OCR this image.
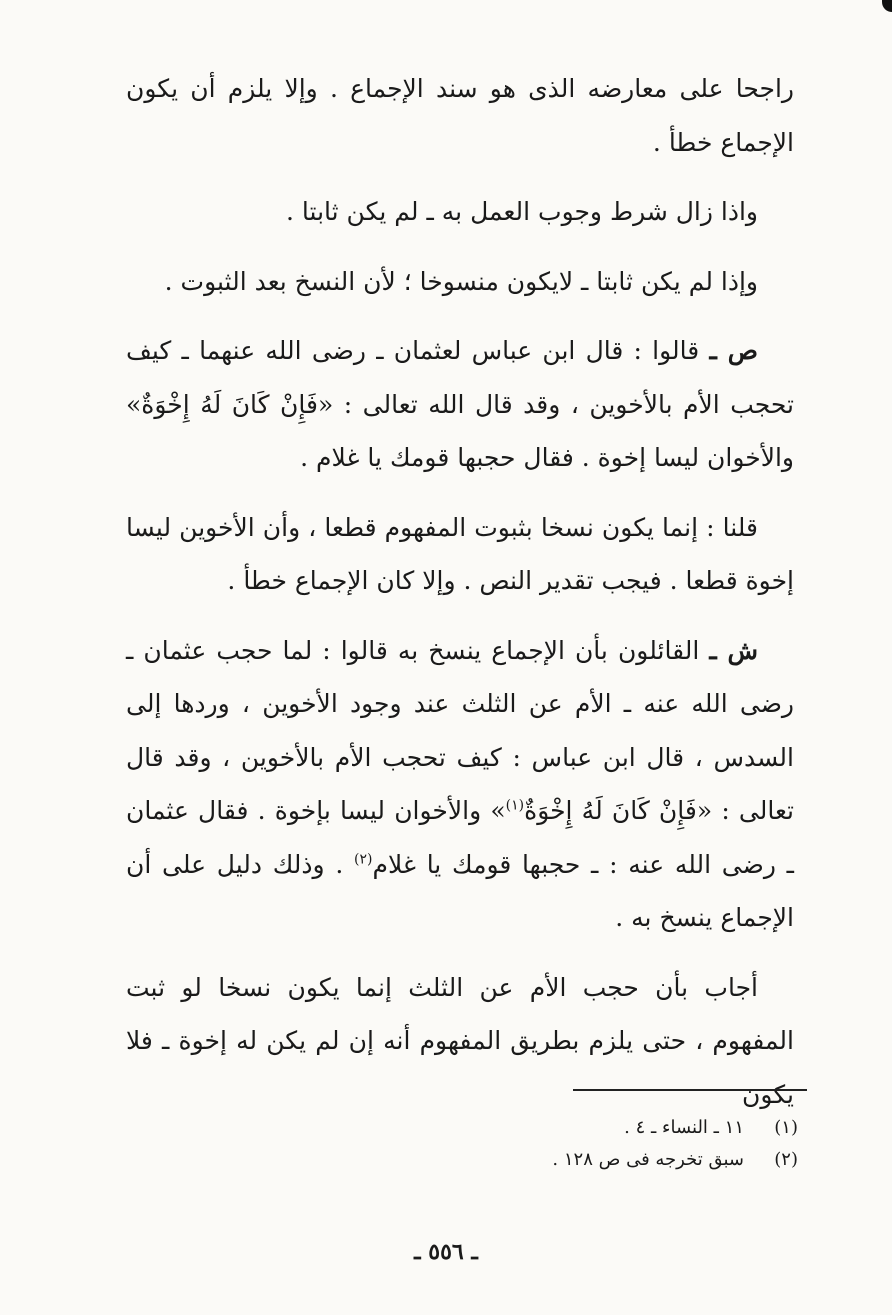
راجحا على معارضه الذى هو سند الإجماع . وإلا يلزم أن يكون الإجماع خطأ .

واذا زال شرط وجوب العمل به ـ لم يكن ثابتا .

وإذا لم يكن ثابتا ـ لايكون منسوخا ؛ لأن النسخ بعد الثبوت .

ص ـ قالوا : قال ابن عباس لعثمان ـ رضى الله عنهما ـ كيف تحجب الأم بالأخوين ، وقد قال الله تعالى : «فَإِنْ كَانَ لَهُ إِخْوَةٌ» والأخوان ليسا إخوة . فقال حجبها قومك يا غلام .

قلنا : إنما يكون نسخا بثبوت المفهوم قطعا ، وأن الأخوين ليسا إخوة قطعا . فيجب تقدير النص . وإلا كان الإجماع خطأ .

ش ـ القائلون بأن الإجماع ينسخ به قالوا : لما حجب عثمان ـ رضى الله عنه ـ الأم عن الثلث عند وجود الأخوين ، وردها إلى السدس ، قال ابن عباس : كيف تحجب الأم بالأخوين ، وقد قال تعالى : «فَإِنْ كَانَ لَهُ إِخْوَةٌ$^{(١)}$» والأخوان ليسا بإخوة . فقال عثمان ـ رضى الله عنه : ـ حجبها قومك يا غلام$^{(٢)}$ . وذلك دليل على أن الإجماع ينسخ به .

أجاب بأن حجب الأم عن الثلث إنما يكون نسخا لو ثبت المفهوم ، حتى يلزم بطريق المفهوم أنه إن لم يكن له إخوة ـ فلا يكون

(١)
١١ ـ النساء ـ ٤ .
(٢)
سبق تخرجه فى ص ١٢٨ .
ـ ٥٥٦ ـ
